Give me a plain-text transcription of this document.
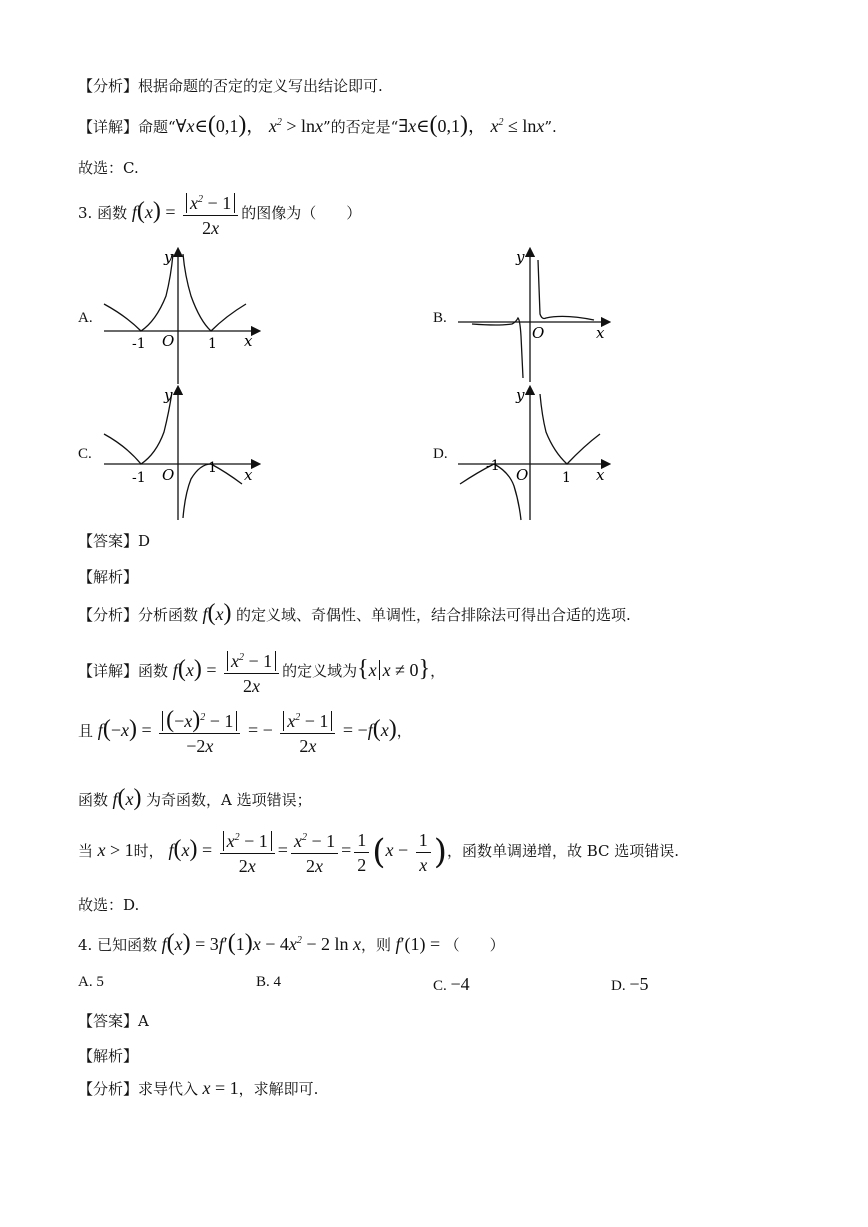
【分析】根据命题的否定的定义写出结论即可.
【详解】命题“∀x∈(0,1)， $x^2 > \ln x$”的否定是“∃x∈(0,1)， $x^2 \le \ln x$”.
故选：C.
3. 函数 $f(x) = \frac{x^2 - 1}{2x}$ 的图像为（　　）
A.
-1	1
O	x
y
B.
O	x
y
C.
-1
1
O	x
y
D.
-1
1
O	x
y
【答案】D
【解析】
【分析】分析函数 f(x) 的定义域、奇偶性、单调性，结合排除法可得出合适的选项.
【详解】函数 $f(x) = \frac{x^2 - 1}{2x}$ 的定义域为{x x ≠ 0}，
且 $f(-x) = \frac{(-x)^2 - 1}{-2x}$ = − $\frac{x^2 - 1}{2x} = -f(x)$，
函数 f(x) 为奇函数，A 选项错误；
当 x > 1时， $f(x) = \frac{x^2 - 1}{2x} = \frac{x^2 - 1}{2x} = \frac{1}{2} (x - \frac{1}{x}$ )，函数单调递增，故 BC 选项错误.
故选：D.
4. 已知函数 $f(x) = 3f'(1)x - 4x^2 - 2$ ln x，则 f′(1) = （　　）
A. 5	B. 4	C. −4	D. −5
【答案】A
【解析】
【分析】求导代入 x = 1，求解即可.
